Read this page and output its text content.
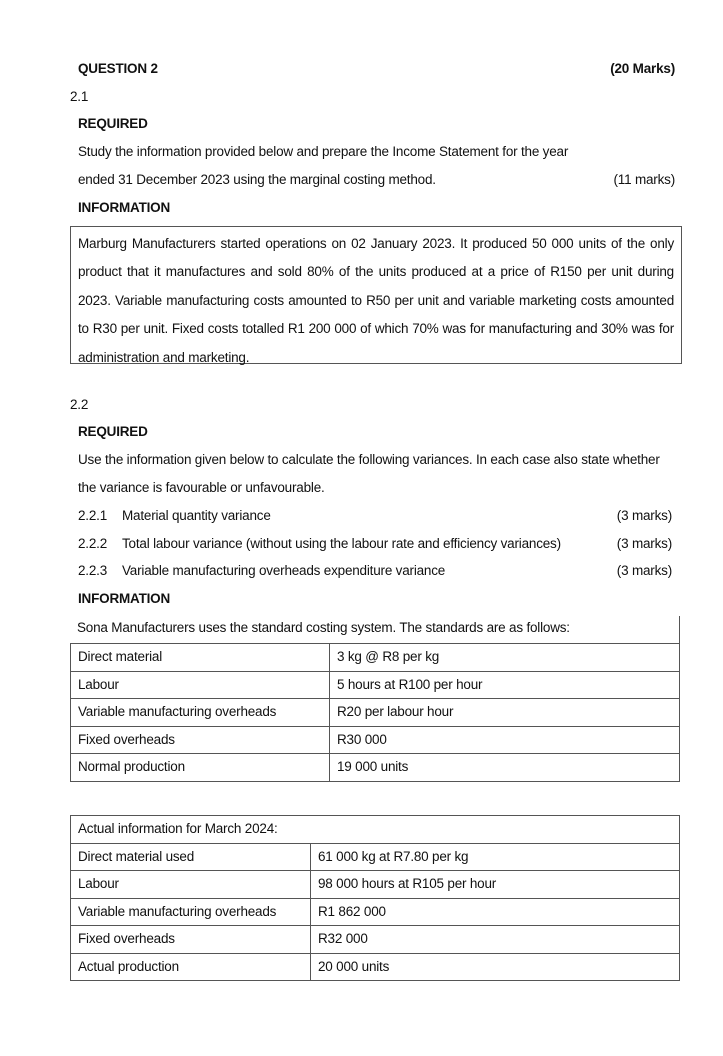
QUESTION 2	(20 Marks)
2.1
REQUIRED
Study the information provided below and prepare the Income Statement for the year
ended 31 December 2023 using the marginal costing method.	(11 marks)
INFORMATION
Marburg Manufacturers started operations on 02 January 2023. It produced 50 000 units of the only product that it manufactures and sold 80% of the units produced at a price of R150 per unit during 2023. Variable manufacturing costs amounted to R50 per unit and variable marketing costs amounted to R30 per unit. Fixed costs totalled R1 200 000 of which 70% was for manufacturing and 30% was for administration and marketing.
2.2
REQUIRED
Use the information given below to calculate the following variances. In each case also state whether
the variance is favourable or unfavourable.
2.2.1 Material quantity variance	(3 marks)
2.2.2 Total labour variance (without using the labour rate and efficiency variances)	(3 marks)
2.2.3 Variable manufacturing overheads expenditure variance	(3 marks)
INFORMATION
Sona Manufacturers uses the standard costing system. The standards are as follows:
Direct material	3 kg @ R8 per kg
Labour	5 hours at R100 per hour
Variable manufacturing overheads	R20 per labour hour
Fixed overheads	R30 000
Normal production	19 000 units
Actual information for March 2024:	
Direct material used	61 000 kg at R7.80 per kg
Labour	98 000 hours at R105 per hour
Variable manufacturing overheads	R1 862 000
Fixed overheads	R32 000
Actual production	20 000 units
